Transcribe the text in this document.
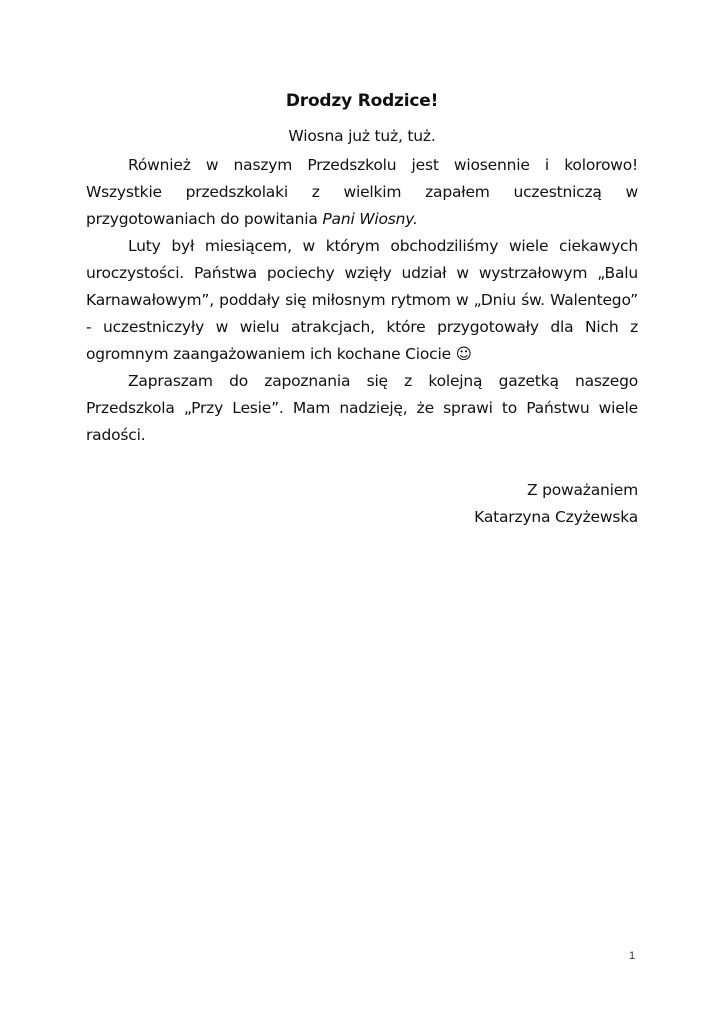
Drodzy Rodzice!
Wiosna już tuż, tuż.

Również w naszym Przedszkolu jest wiosennie i kolorowo! Wszystkie przedszkolaki z wielkim zapałem uczestniczą w przygotowaniach do powitania Pani Wiosny.

Luty był miesiącem, w którym obchodziliśmy wiele ciekawych uroczystości. Państwa pociechy wzięły udział w wystrzałowym „Balu Karnawałowym”, poddały się miłosnym rytmom w „Dniu św. Walentego” - uczestniczyły w wielu atrakcjach, które przygotowały dla Nich z ogromnym zaangażowaniem ich kochane Ciocie ☺

Zapraszam do zapoznania się z kolejną gazetką naszego Przedszkola „Przy Lesie”. Mam nadzieję, że sprawi to Państwu wiele radości.

Z poważaniem
Katarzyna Czyżewska
1
